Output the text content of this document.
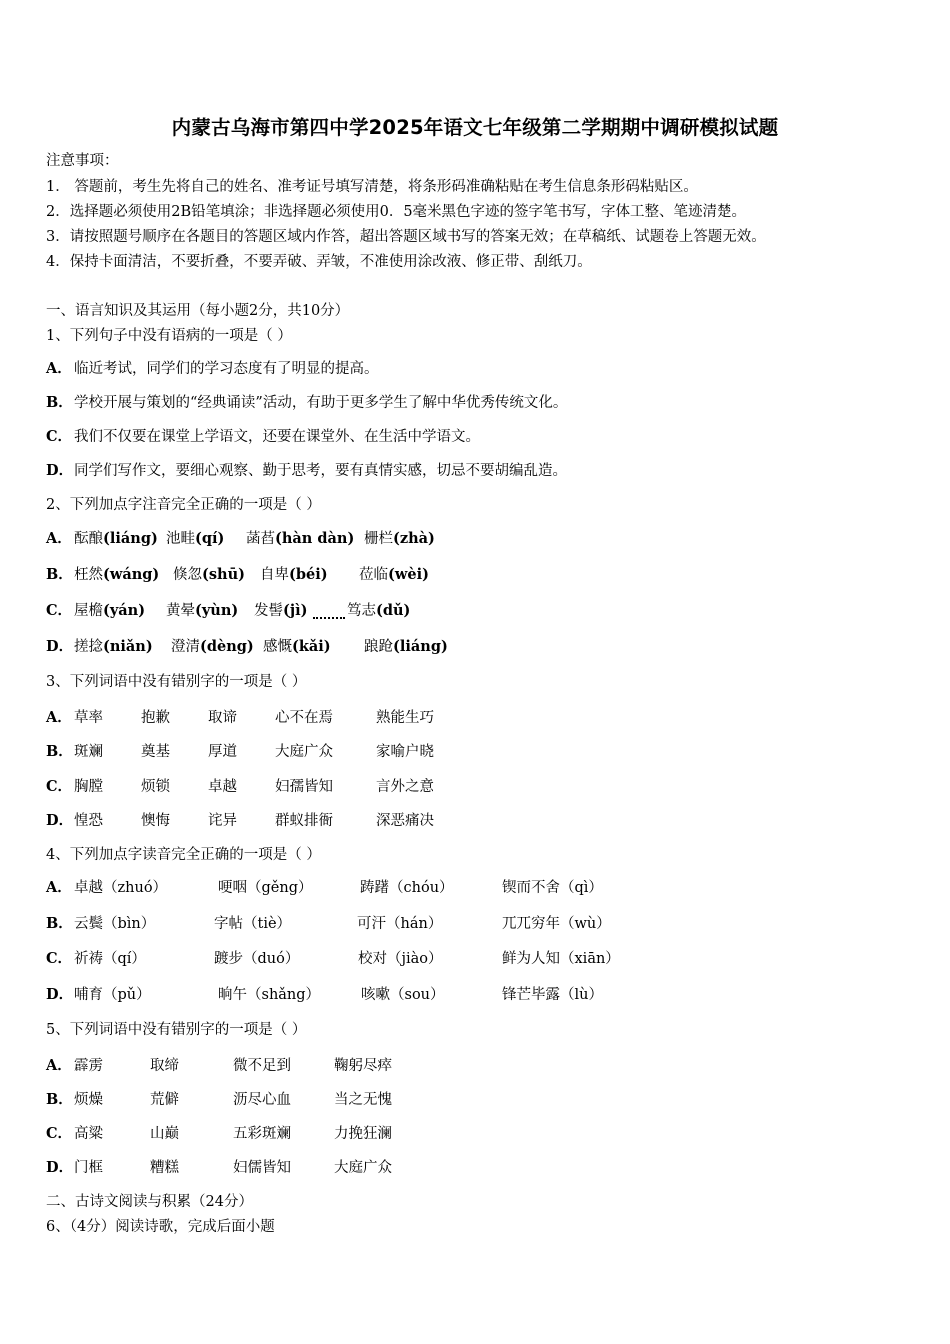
内蒙古乌海市第四中学2025年语文七年级第二学期期中调研模拟试题
注意事项：
1． 答题前，考生先将自己的姓名、准考证号填写清楚，将条形码准确粘贴在考生信息条形码粘贴区。
2．选择题必须使用2B铅笔填涂；非选择题必须使用0．5毫米黑色字迹的签字笔书写，字体工整、笔迹清楚。
3．请按照题号顺序在各题目的答题区域内作答，超出答题区域书写的答案无效；在草稿纸、试题卷上答题无效。
4．保持卡面清洁，不要折叠，不要弄破、弄皱，不准使用涂改液、修正带、刮纸刀。
一、语言知识及其运用（每小题2分，共10分）
1、下列句子中没有语病的一项是（ ）
A． 临近考试，同学们的学习态度有了明显的提高。
B． 学校开展与策划的“经典诵读”活动，有助于更多学生了解中华优秀传统文化。
C． 我们不仅要在课堂上学语文，还要在课堂外、在生活中学语文。
D． 同学们写作文，要细心观察、勤于思考，要有真情实感，切忌不要胡编乱造。
2、下列加点字注音完全正确的一项是（ ）
A． 酝酿(liáng) 池畦(qí) 菡萏(hàn dàn) 栅栏(zhà)
B． 枉然(wáng) 倏忽(shū) 自卑(béi) 莅临(wèi)
C． 屋檐(yán) 黄晕(yùn) 发髻(jì)	笃志(dǔ)
D． 搓捻(niǎn) 澄清(dèng) 感慨(kǎi) 踉跄(liáng)
3、下列词语中没有错别字的一项是（ ）
A． 草率	抱歉	取谛	心不在焉	熟能生巧
B． 斑斓	奠基	厚道	大庭广众	家喻户晓
C． 胸膛	烦锁	卓越	妇孺皆知	言外之意
D． 惶恐	懊悔	诧异	群蚁排衙	深恶痛决
4、下列加点字读音完全正确的一项是（ ）
A． 卓越（zhuó）	哽咽（gěng）	踌躇（chóu）	锲而不舍（qì）
B． 云鬓（bìn）	字帖（tiè）	可汗（hán）	兀兀穷年（wù）
C． 祈祷（qí）	踱步（duó）	校对（jiào）	鲜为人知（xiān）
D． 哺育（pǔ）	晌午（shǎng）	咳嗽（sou）	锋芒毕露（lù）
5、下列词语中没有错别字的一项是（ ）
A． 霹雳	取缔	微不足到	鞠躬尽瘁
B． 烦燥	荒僻	沥尽心血	当之无愧
C． 高粱	山巅	五彩斑斓	力挽狂澜
D． 门框	糟糕	妇儒皆知	大庭广众
二、古诗文阅读与积累（24分）
6、（4分）阅读诗歌，完成后面小题
